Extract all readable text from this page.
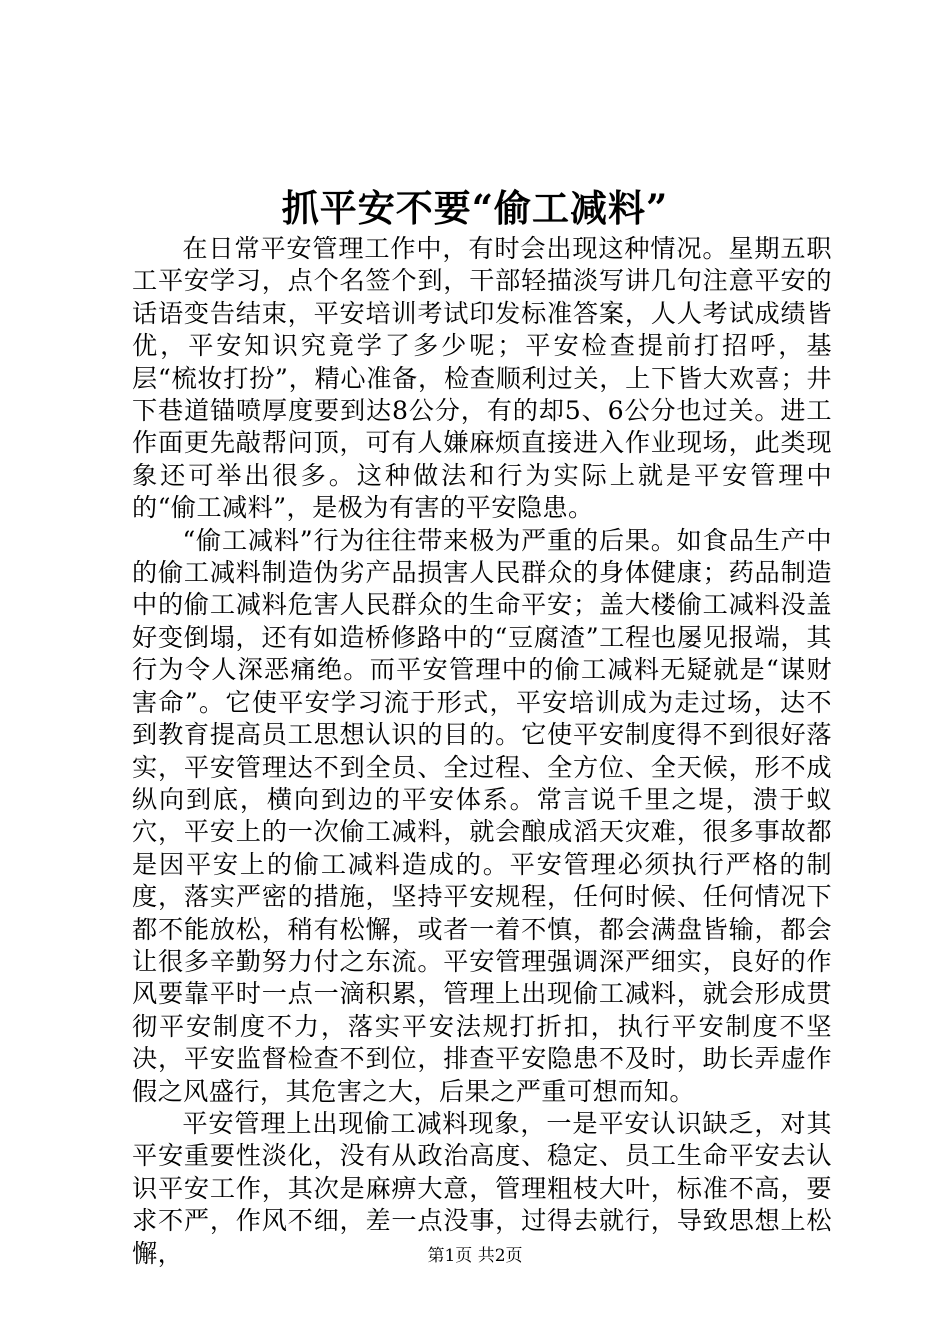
抓平安不要“偷工减料”

在日常平安管理工作中，有时会出现这种情况。星期五职工平安学习，点个名签个到，干部轻描淡写讲几句注意平安的话语变告结束，平安培训考试印发标准答案，人人考试成绩皆优，平安知识究竟学了多少呢；平安检查提前打招呼，基层“梳妆打扮”，精心准备，检查顺利过关，上下皆大欢喜；井下巷道锚喷厚度要到达8公分，有的却5、6公分也过关。进工作面更先敲帮问顶，可有人嫌麻烦直接进入作业现场，此类现象还可举出很多。这种做法和行为实际上就是平安管理中的“偷工减料”，是极为有害的平安隐患。

“偷工减料”行为往往带来极为严重的后果。如食品生产中的偷工减料制造伪劣产品损害人民群众的身体健康；药品制造中的偷工减料危害人民群众的生命平安；盖大楼偷工减料没盖好变倒塌，还有如造桥修路中的“豆腐渣”工程也屡见报端，其行为令人深恶痛绝。而平安管理中的偷工减料无疑就是“谋财害命”。它使平安学习流于形式，平安培训成为走过场，达不到教育提高员工思想认识的目的。它使平安制度得不到很好落实，平安管理达不到全员、全过程、全方位、全天候，形不成纵向到底，横向到边的平安体系。常言说千里之堤，溃于蚁穴，平安上的一次偷工减料，就会酿成滔天灾难，很多事故都是因平安上的偷工减料造成的。平安管理必须执行严格的制度，落实严密的措施，坚持平安规程，任何时候、任何情况下都不能放松，稍有松懈，或者一着不慎，都会满盘皆输，都会让很多辛勤努力付之东流。平安管理强调深严细实，良好的作风要靠平时一点一滴积累，管理上出现偷工减料，就会形成贯彻平安制度不力，落实平安法规打折扣，执行平安制度不坚决，平安监督检查不到位，排查平安隐患不及时，助长弄虚作假之风盛行，其危害之大，后果之严重可想而知。

平安管理上出现偷工减料现象，一是平安认识缺乏，对其平安重要性淡化，没有从政治高度、稳定、员工生命平安去认识平安工作，其次是麻痹大意，管理粗枝大叶，标准不高，要求不严，作风不细，差一点没事，过得去就行，导致思想上松懈，	第1页 共2页
